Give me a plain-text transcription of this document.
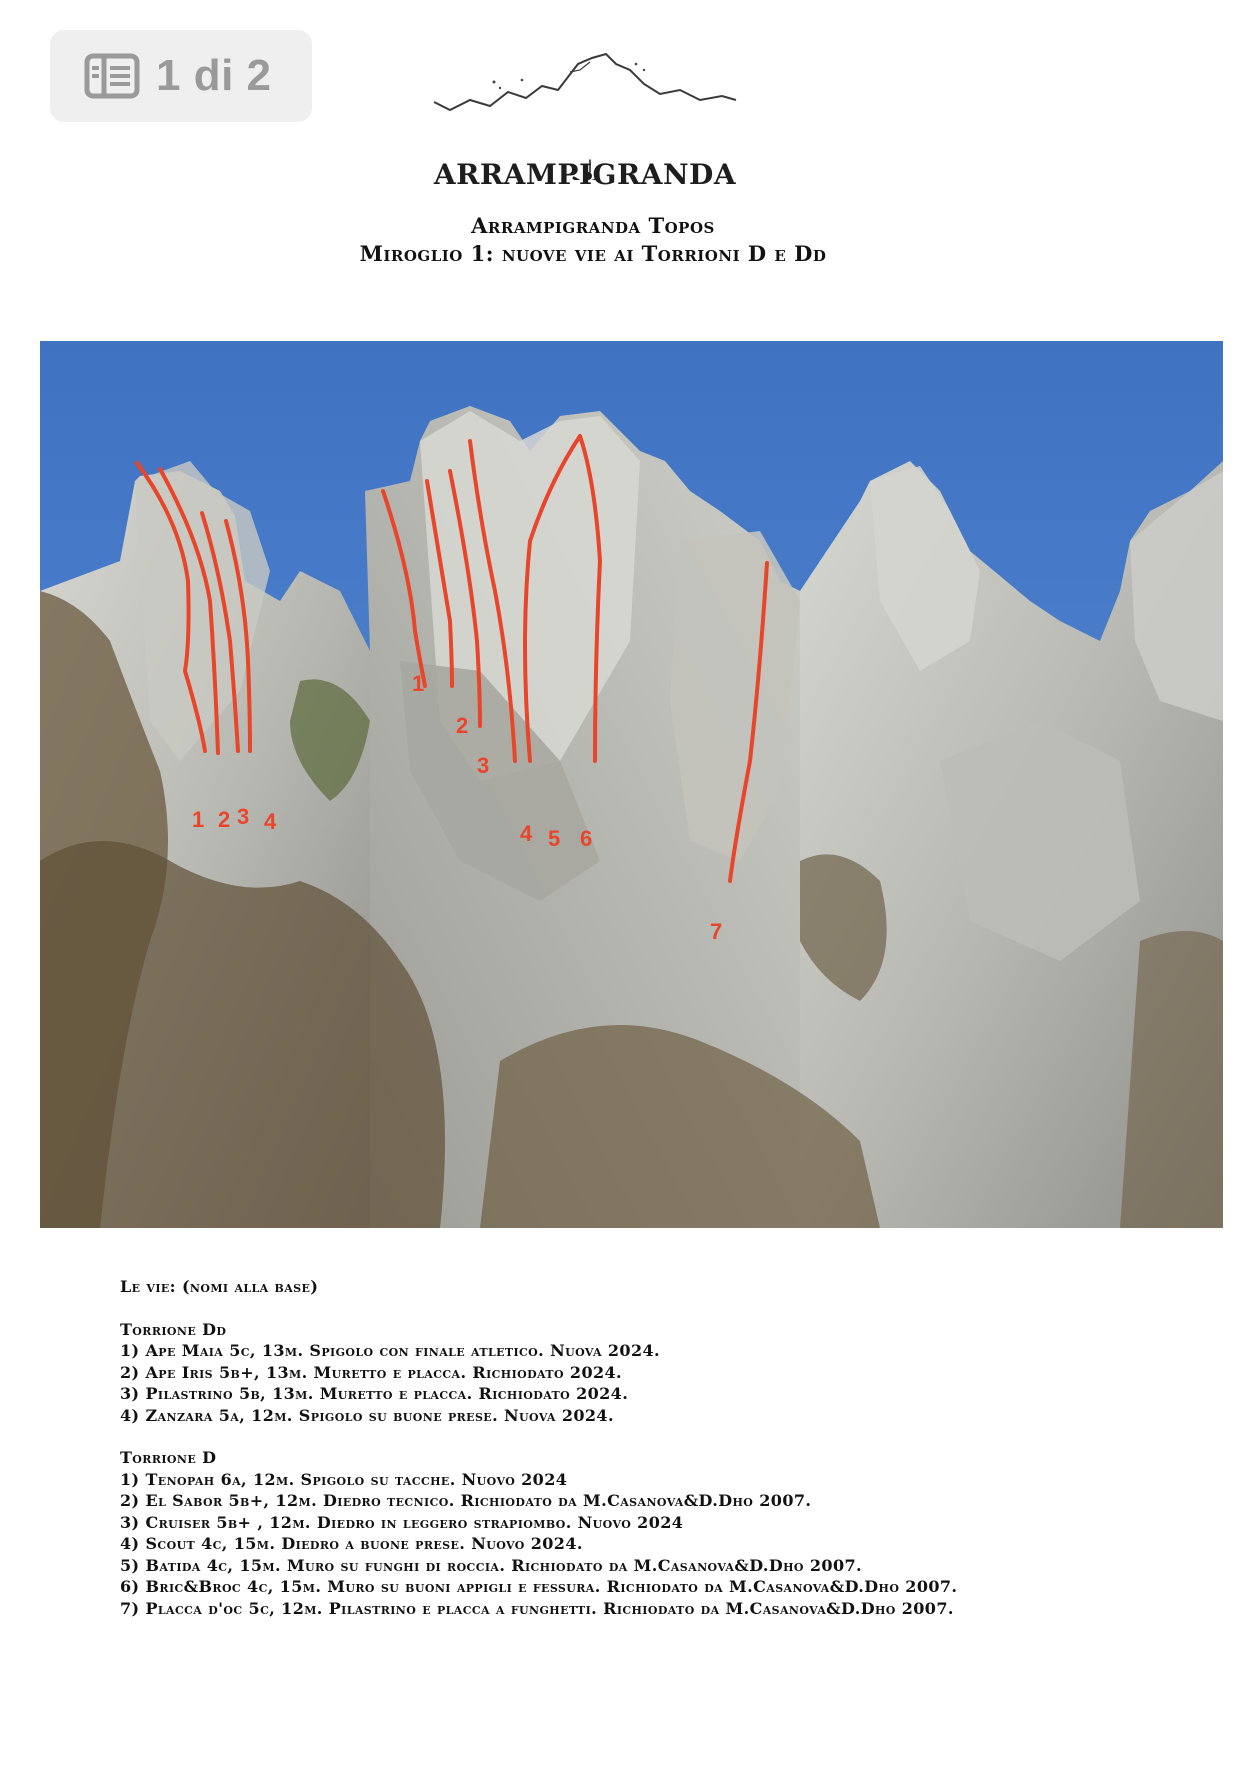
1 di 2
ARRAMPIGRANDA
Arrampigranda Topos
Miroglio 1: nuove vie ai Torrioni D e Dd
1 2 3 4
1
2
3
4 5 6
7

Le vie: (nomi alla base)

Torrione Dd

1) Ape Maia 5c, 13m. Spigolo con finale atletico. Nuova 2024.

2) Ape Iris 5b+, 13m. Muretto e placca. Richiodato 2024.

3) Pilastrino 5b, 13m. Muretto e placca. Richiodato 2024.

4) Zanzara 5a, 12m. Spigolo su buone prese. Nuova 2024.

Torrione D

1) Tenopah 6a, 12m. Spigolo su tacche. Nuovo 2024

2) El Sabor 5b+, 12m. Diedro tecnico. Richiodato da M.Casanova&D.Dho 2007.

3) Cruiser 5b+ , 12m. Diedro in leggero strapiombo. Nuovo 2024

4) Scout 4c, 15m. Diedro a buone prese. Nuovo 2024.

5) Batida 4c, 15m. Muro su funghi di roccia. Richiodato da M.Casanova&D.Dho 2007.

6) Bric&Broc 4c, 15m. Muro su buoni appigli e fessura. Richiodato da M.Casanova&D.Dho 2007.

7) Placca d'oc 5c, 12m. Pilastrino e placca a funghetti. Richiodato da M.Casanova&D.Dho 2007.
